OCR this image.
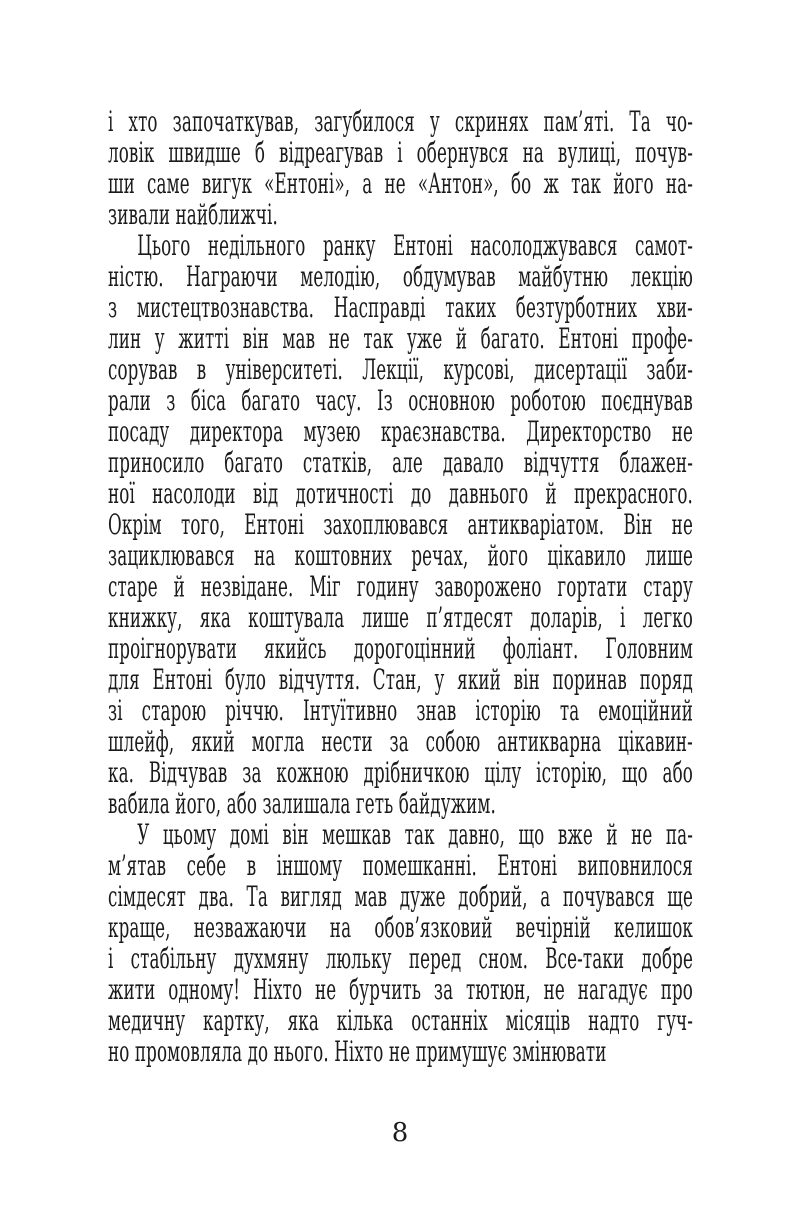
і хто започаткував, загубилося у скринях пам’яті. Та чо-
ловік швидше б відреагував і обернувся на вулиці, почув-
ши саме вигук «Ентоні», а не «Антон», бо ж так його на-
зивали найближчі.
Цього недільного ранку Ентоні насолоджувався самот-
ністю. Награючи мелодію, обдумував майбутню лекцію
з мистецтвознавства. Насправді таких безтурботних хви-
лин у житті він мав не так уже й багато. Ентоні профе-
сорував в університеті. Лекції, курсові, дисертації заби-
рали з біса багато часу. Із основною роботою поєднував
посаду директора музею краєзнавства. Директорство не
приносило багато статків, але давало відчуття блажен-
ної насолоди від дотичності до давнього й прекрасного.
Окрім того, Ентоні захоплювався антикваріатом. Він не
зациклювався на коштовних речах, його цікавило лише
старе й незвідане. Міг годину заворожено гортати стару
книжку, яка коштувала лише п’ятдесят доларів, і легко
проігнорувати якийсь дорогоцінний фоліант. Головним
для Ентоні було відчуття. Стан, у який він поринав поряд
зі старою річчю. Інтуїтивно знав історію та емоційний
шлейф, який могла нести за собою антикварна цікавин-
ка. Відчував за кожною дрібничкою цілу історію, що або
вабила його, або залишала геть байдужим.
У цьому домі він мешкав так давно, що вже й не па-
м’ятав себе в іншому помешканні. Ентоні виповнилося
сімдесят два. Та вигляд мав дуже добрий, а почувався ще
краще, незважаючи на обов’язковий вечірній келишок
і стабільну духмяну люльку перед сном. Все-таки добре
жити одному! Ніхто не бурчить за тютюн, не нагадує про
медичну картку, яка кілька останніх місяців надто гуч-
но промовляла до нього. Ніхто не примушує змінювати
8
